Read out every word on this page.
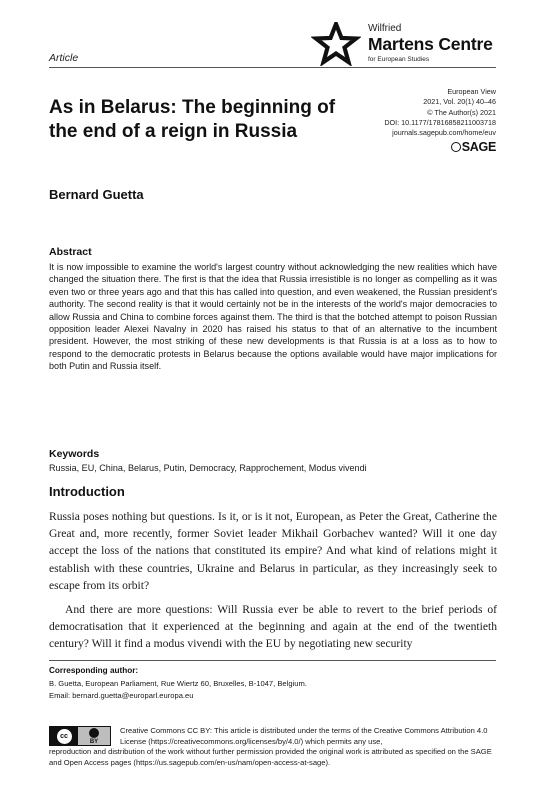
Article
Wilfried
Martens Centre
for European Studies
European View
2021, Vol. 20(1) 40–46
© The Author(s) 2021
DOI: 10.1177/17816858211003718
journals.sagepub.com/home/euv
SAGE
As in Belarus: The beginning of the end of a reign in Russia
Bernard Guetta
Abstract

It is now impossible to examine the world's largest country without acknowledging the new realities which have changed the situation there. The first is that the idea that Russia irresistible is no longer as compelling as it was even two or three years ago and that this has called into question, and even weakened, the Russian president's authority. The second reality is that it would certainly not be in the interests of the world's major democracies to allow Russia and China to combine forces against them. The third is that the botched attempt to poison Russian opposition leader Alexei Navalny in 2020 has raised his status to that of an alternative to the incumbent president. However, the most striking of these new developments is that Russia is at a loss as to how to respond to the democratic protests in Belarus because the options available would have major implications for both Putin and Russia itself.

Keywords

Russia, EU, China, Belarus, Putin, Democracy, Rapprochement, Modus vivendi

Introduction

Russia poses nothing but questions. Is it, or is it not, European, as Peter the Great, Catherine the Great and, more recently, former Soviet leader Mikhail Gorbachev wanted? Will it one day accept the loss of the nations that constituted its empire? And what kind of relations might it establish with these countries, Ukraine and Belarus in particular, as they increasingly seek to escape from its orbit?

And there are more questions: Will Russia ever be able to revert to the brief periods of democratisation that it experienced at the beginning and again at the end of the twentieth century? Will it find a modus vivendi with the EU by negotiating new security

Corresponding author:
B. Guetta, European Parliament, Rue Wiertz 60, Bruxelles, B-1047, Belgium.
Email: bernard.guetta@europarl.europa.eu
cc
BY

Creative Commons CC BY: This article is distributed under the terms of the Creative Commons Attribution 4.0 License (https://creativecommons.org/licenses/by/4.0/) which permits any use,

reproduction and distribution of the work without further permission provided the original work is attributed as specified on the SAGE and Open Access pages (https://us.sagepub.com/en-us/nam/open-access-at-sage).
